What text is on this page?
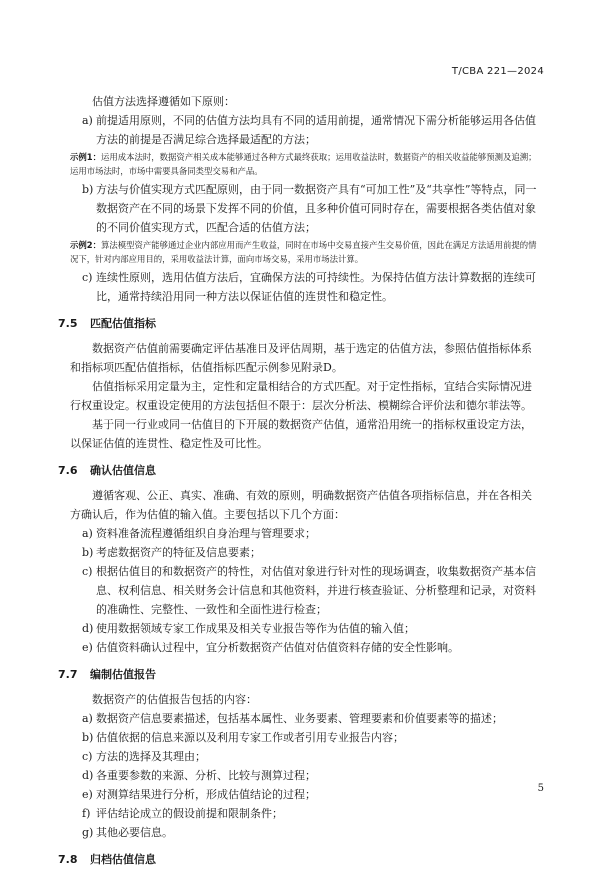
T/CBA 221—2024

估值方法选择遵循如下原则：

a) 前提适用原则，不同的估值方法均具有不同的适用前提，通常情况下需分析能够运用各估值方法的前提是否满足综合选择最适配的方法；
示例1：运用成本法时，数据资产相关成本能够通过各种方式最终获取；运用收益法时，数据资产的相关收益能够预测及追溯；运用市场法时，市场中需要具备同类型交易和产品。
b) 方法与价值实现方式匹配原则，由于同一数据资产具有“可加工性”及“共享性”等特点，同一数据资产在不同的场景下发挥不同的价值，且多种价值可同时存在，需要根据各类估值对象的不同价值实现方式，匹配合适的估值方法；
示例2：算法模型资产能够通过企业内部应用而产生收益，同时在市场中交易直接产生交易价值，因此在满足方法适用前提的情况下，针对内部应用目的，采用收益法计算，面向市场交易，采用市场法计算。
c) 连续性原则，选用估值方法后，宜确保方法的可持续性。为保持估值方法计算数据的连续可比，通常持续沿用同一种方法以保证估值的连贯性和稳定性。
7.5 匹配估值指标

数据资产估值前需要确定评估基准日及评估周期，基于选定的估值方法，参照估值指标体系和指标项匹配估值指标，估值指标匹配示例参见附录D。

估值指标采用定量为主，定性和定量相结合的方式匹配。对于定性指标，宜结合实际情况进行权重设定。权重设定使用的方法包括但不限于：层次分析法、模糊综合评价法和德尔菲法等。

基于同一行业或同一估值目的下开展的数据资产估值，通常沿用统一的指标权重设定方法，以保证估值的连贯性、稳定性及可比性。

7.6 确认估值信息

遵循客观、公正、真实、准确、有效的原则，明确数据资产估值各项指标信息，并在各相关方确认后，作为估值的输入值。主要包括以下几个方面：

a) 资料准备流程遵循组织自身治理与管理要求；
b) 考虑数据资产的特征及信息要素；
c) 根据估值目的和数据资产的特性，对估值对象进行针对性的现场调查，收集数据资产基本信息、权利信息、相关财务会计信息和其他资料，并进行核查验证、分析整理和记录，对资料的准确性、完整性、一致性和全面性进行检查；
d) 使用数据领域专家工作成果及相关专业报告等作为估值的输入值；
e) 估值资料确认过程中，宜分析数据资产估值对估值资料存储的安全性影响。
7.7 编制估值报告

数据资产的估值报告包括的内容：

a) 数据资产信息要素描述，包括基本属性、业务要素、管理要素和价值要素等的描述；
b) 估值依据的信息来源以及利用专家工作或者引用专业报告内容；
c) 方法的选择及其理由；
d) 各重要参数的来源、分析、比较与测算过程；
e) 对测算结果进行分析，形成估值结论的过程；
f) 评估结论成立的假设前提和限制条件；
g) 其他必要信息。
7.8 归档估值信息
5
